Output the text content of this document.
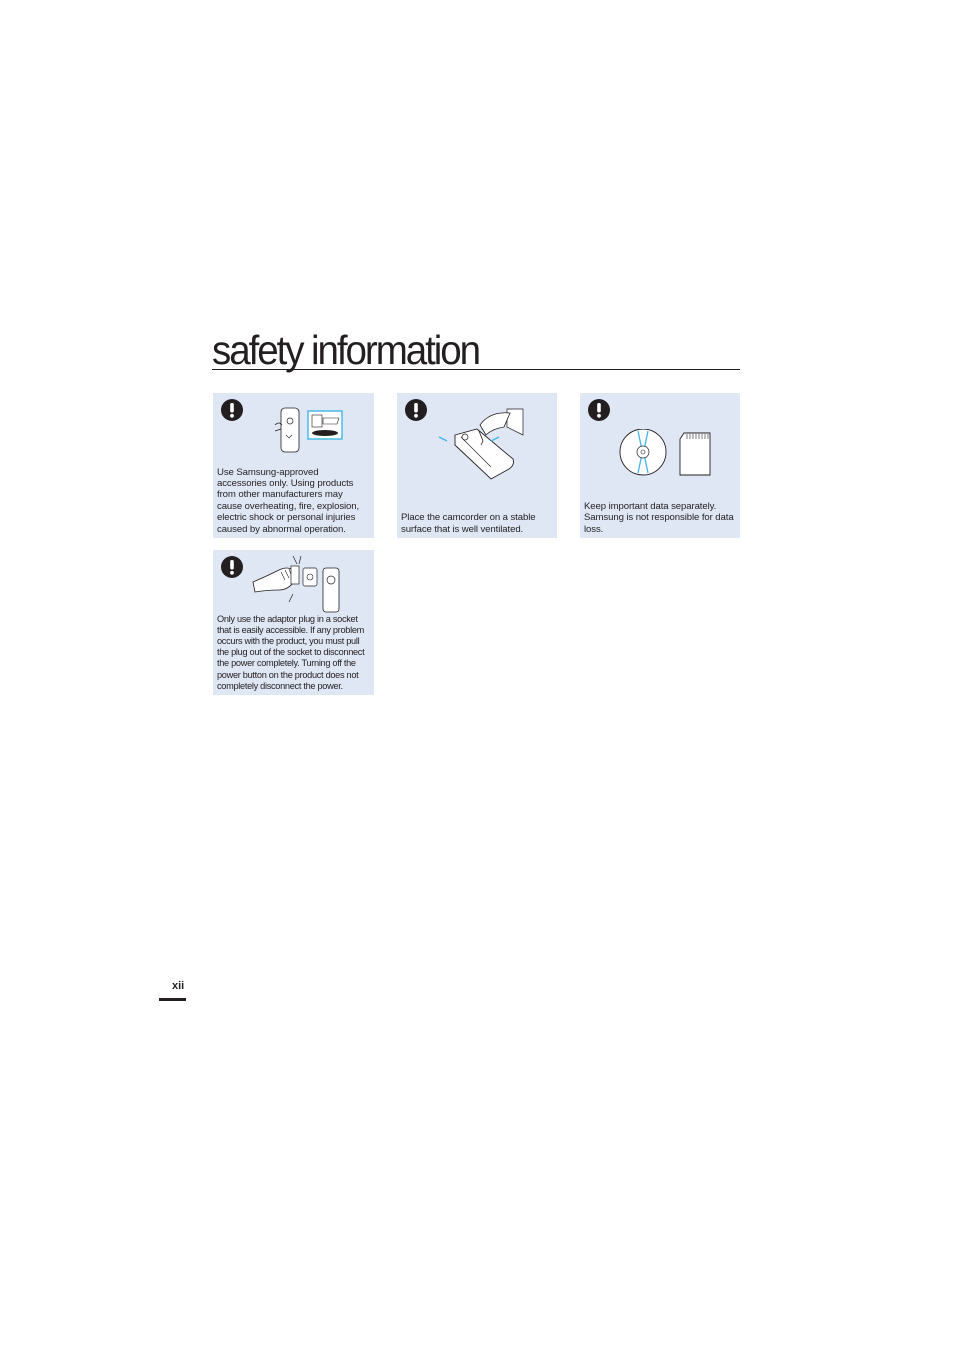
safety information
Use Samsung-approved accessories only. Using products from other manufacturers may cause overheating, fire, explosion, electric shock or personal injuries caused by abnormal operation.
Place the camcorder on a stable surface that is well ventilated.
Keep important data separately. Samsung is not responsible for data loss.
Only use the adaptor plug in a socket that is easily accessible. If any problem occurs with the product, you must pull the plug out of the socket to disconnect the power completely. Turning off the power button on the product does not completely disconnect the power.
xii
